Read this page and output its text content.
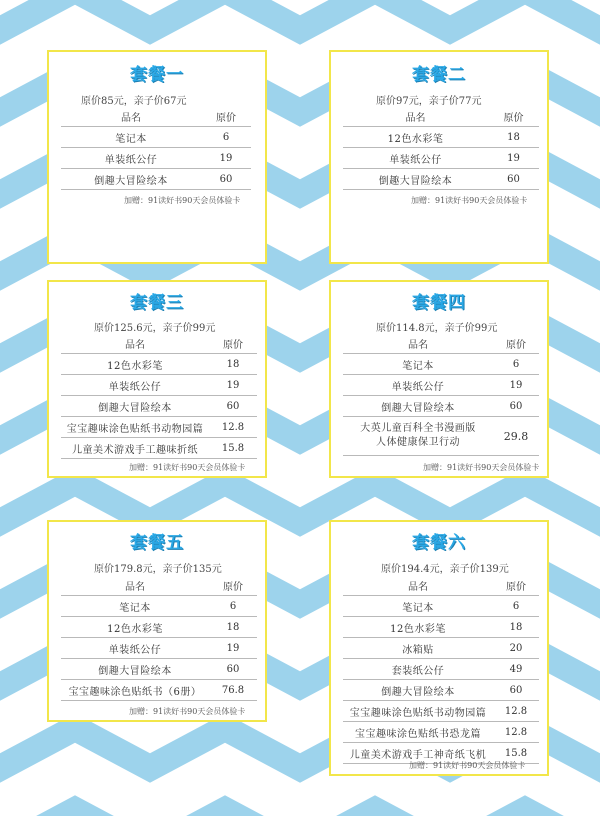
套餐一
原价85元，亲子价67元
品名	原价
笔记本	6
单装纸公仔	19
倒趣大冒险绘本	60
加赠：91读好书90天会员体验卡
套餐二
原价97元，亲子价77元
品名	原价
12色水彩笔	18
单装纸公仔	19
倒趣大冒险绘本	60
加赠：91读好书90天会员体验卡
套餐三
原价125.6元，亲子价99元
品名	原价
12色水彩笔	18
单装纸公仔	19
倒趣大冒险绘本	60
宝宝趣味涂色贴纸书动物园篇	12.8
儿童美术游戏手工趣味折纸	15.8
加赠：91读好书90天会员体验卡
套餐四
原价114.8元，亲子价99元
品名	原价
笔记本	6
单装纸公仔	19
倒趣大冒险绘本	60
大英儿童百科全书漫画版
人体健康保卫行动	29.8
加赠：91读好书90天会员体验卡
套餐五
原价179.8元，亲子价135元
品名	原价
笔记本	6
12色水彩笔	18
单装纸公仔	19
倒趣大冒险绘本	60
宝宝趣味涂色贴纸书（6册）	76.8
加赠：91读好书90天会员体验卡
套餐六
原价194.4元，亲子价139元
品名	原价
笔记本	6
12色水彩笔	18
冰箱贴	20
套装纸公仔	49
倒趣大冒险绘本	60
宝宝趣味涂色贴纸书动物园篇	12.8
宝宝趣味涂色贴纸书恐龙篇	12.8
儿童美术游戏手工神奇纸飞机	15.8
加赠：91读好书90天会员体验卡
